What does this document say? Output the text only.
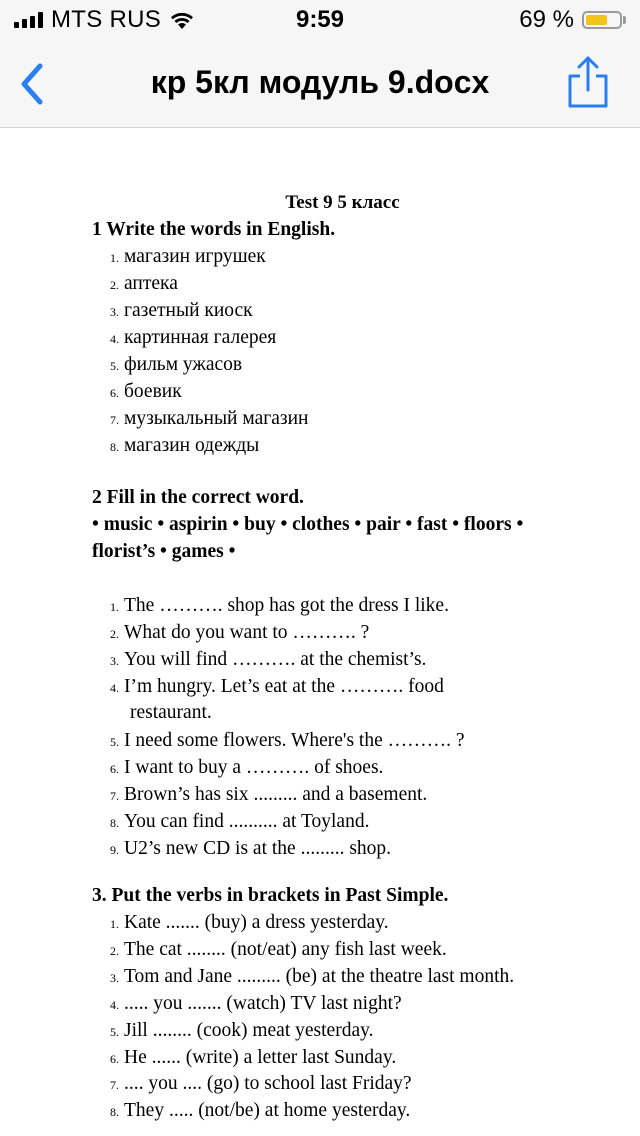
MTS RUS	9:59	69 %
кр 5кл модуль 9.docx
Test 9 5 класс
1 Write the words in English.
1. магазин игрушек
2. аптека
3. газетный киоск
4. картинная галерея
5. фильм ужасов
6. боевик
7. музыкальный магазин
8. магазин одежды
2 Fill in the correct word.
• music • aspirin • buy • clothes • pair • fast • floors •
florist’s • games •
1. The ………. shop has got the dress I like.
2. What do you want to ………. ?
3. You will find ………. at the chemist’s.
4. I’m hungry. Let’s eat at the ………. food
5. I need some flowers. Where's the ………. ?
6. I want to buy a ………. of shoes.
7. Brown’s has six ......... and a basement.
8. You can find .......... at Toyland.
9. U2’s new CD is at the ......... shop.
restaurant.
3. Put the verbs in brackets in Past Simple.
1. Kate ....... (buy) a dress yesterday.
2. The cat ........ (not/eat) any fish last week.
3. Tom and Jane ......... (be) at the theatre last month.
4. ..... you ....... (watch) TV last night?
5. Jill ........ (cook) meat yesterday.
6. He ...... (write) a letter last Sunday.
7. .... you .... (go) to school last Friday?
8. They ..... (not/be) at home yesterday.
